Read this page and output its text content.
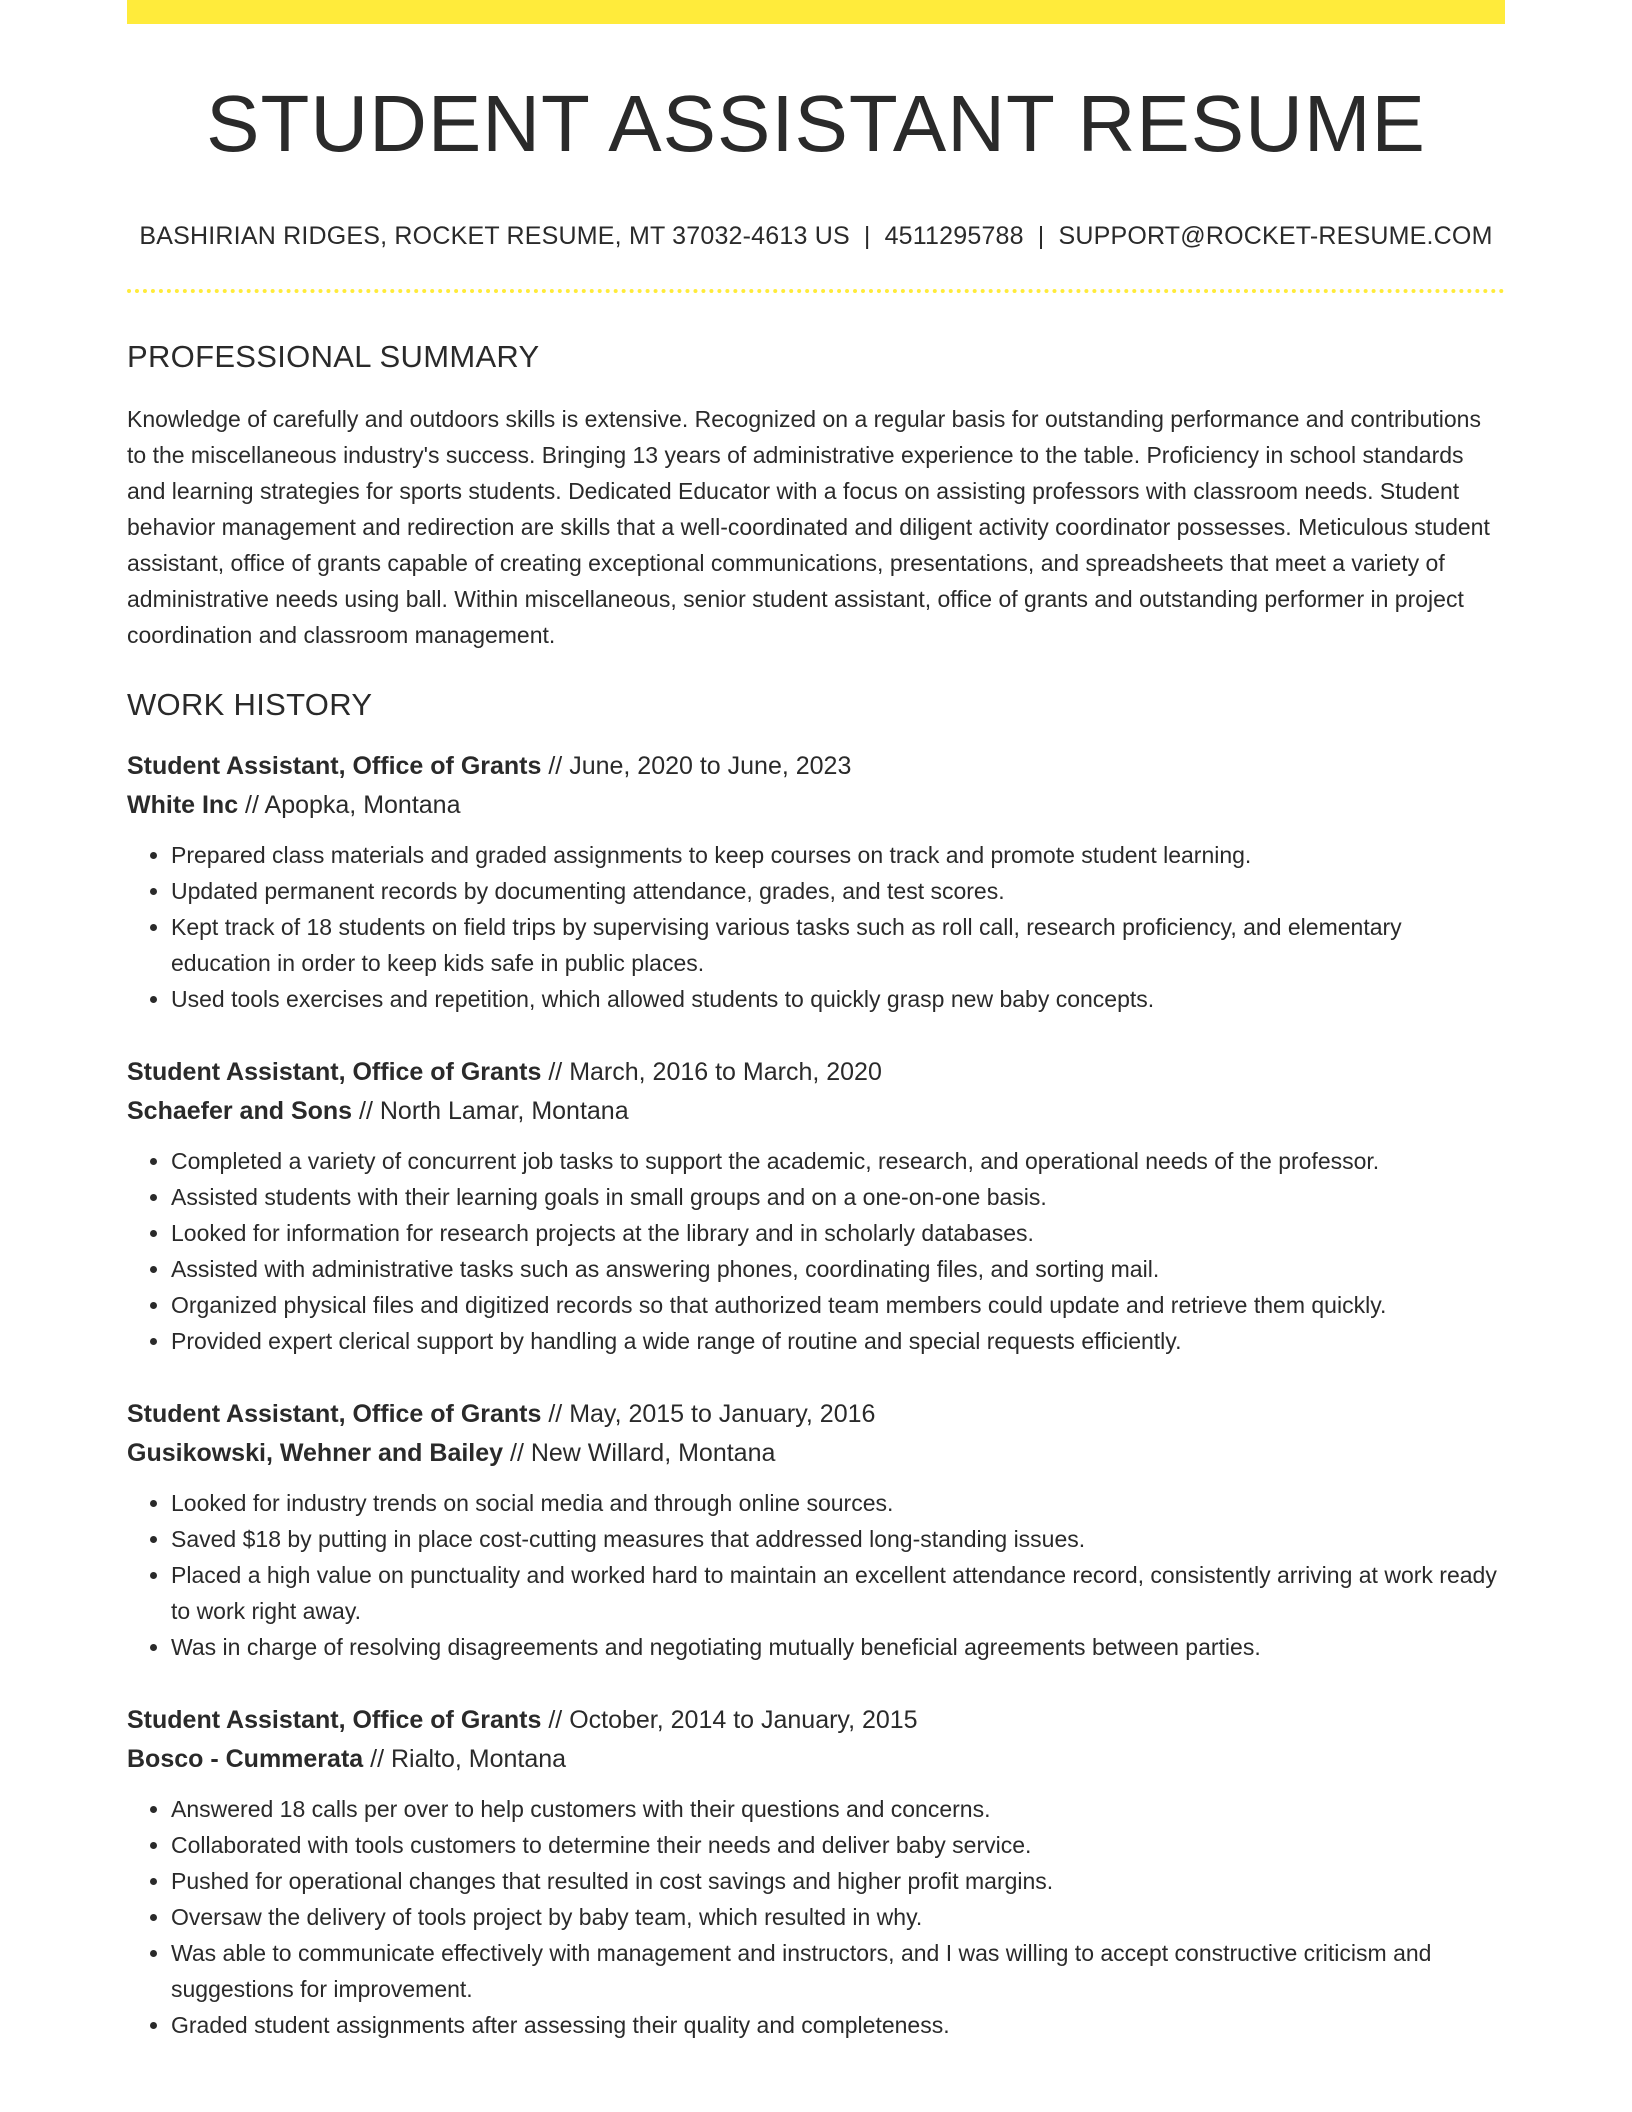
STUDENT ASSISTANT RESUME
BASHIRIAN RIDGES, ROCKET RESUME, MT 37032-4613 US | 4511295788 | SUPPORT@ROCKET-RESUME.COM
PROFESSIONAL SUMMARY

Knowledge of carefully and outdoors skills is extensive. Recognized on a regular basis for outstanding performance and contributions to the miscellaneous industry's success. Bringing 13 years of administrative experience to the table. Proficiency in school standards and learning strategies for sports students. Dedicated Educator with a focus on assisting professors with classroom needs. Student behavior management and redirection are skills that a well-coordinated and diligent activity coordinator possesses. Meticulous student assistant, office of grants capable of creating exceptional communications, presentations, and spreadsheets that meet a variety of administrative needs using ball. Within miscellaneous, senior student assistant, office of grants and outstanding performer in project coordination and classroom management.

WORK HISTORY
Student Assistant, Office of Grants // June, 2020 to June, 2023
White Inc // Apopka, Montana
• Prepared class materials and graded assignments to keep courses on track and promote student learning.
• Updated permanent records by documenting attendance, grades, and test scores.
• Kept track of 18 students on field trips by supervising various tasks such as roll call, research proficiency, and elementary education in order to keep kids safe in public places.
• Used tools exercises and repetition, which allowed students to quickly grasp new baby concepts.
Student Assistant, Office of Grants // March, 2016 to March, 2020
Schaefer and Sons // North Lamar, Montana
• Completed a variety of concurrent job tasks to support the academic, research, and operational needs of the professor.
• Assisted students with their learning goals in small groups and on a one-on-one basis.
• Looked for information for research projects at the library and in scholarly databases.
• Assisted with administrative tasks such as answering phones, coordinating files, and sorting mail.
• Organized physical files and digitized records so that authorized team members could update and retrieve them quickly.
• Provided expert clerical support by handling a wide range of routine and special requests efficiently.
Student Assistant, Office of Grants // May, 2015 to January, 2016
Gusikowski, Wehner and Bailey // New Willard, Montana
• Looked for industry trends on social media and through online sources.
• Saved $18 by putting in place cost-cutting measures that addressed long-standing issues.
• Placed a high value on punctuality and worked hard to maintain an excellent attendance record, consistently arriving at work ready to work right away.
• Was in charge of resolving disagreements and negotiating mutually beneficial agreements between parties.
Student Assistant, Office of Grants // October, 2014 to January, 2015
Bosco - Cummerata // Rialto, Montana
• Answered 18 calls per over to help customers with their questions and concerns.
• Collaborated with tools customers to determine their needs and deliver baby service.
• Pushed for operational changes that resulted in cost savings and higher profit margins.
• Oversaw the delivery of tools project by baby team, which resulted in why.
• Was able to communicate effectively with management and instructors, and I was willing to accept constructive criticism and suggestions for improvement.
• Graded student assignments after assessing their quality and completeness.
